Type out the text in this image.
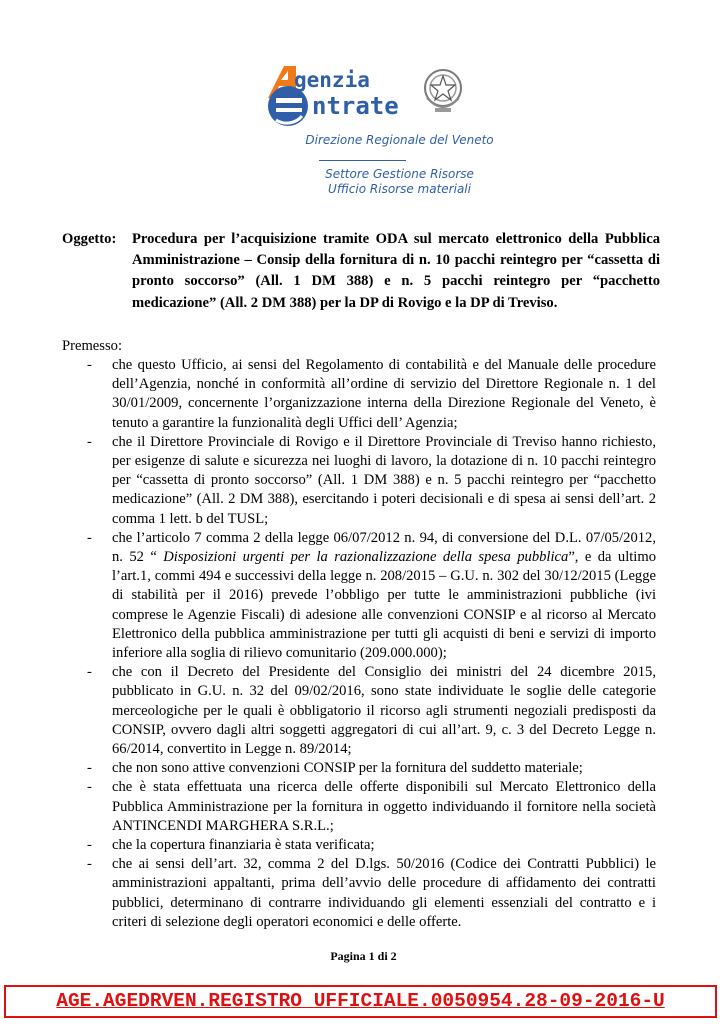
genzia
ntrate
Direzione Regionale del Veneto
Settore Gestione Risorse
Ufficio Risorse materiali
Oggetto: Procedura per l’acquisizione tramite ODA sul mercato elettronico della Pubblica Amministrazione – Consip della fornitura di n. 10 pacchi reintegro per “cassetta di pronto soccorso” (All. 1 DM 388) e n. 5 pacchi reintegro per “pacchetto medicazione” (All. 2 DM 388) per la DP di Rovigo e la DP di Treviso.
Premesso:
- che questo Ufficio, ai sensi del Regolamento di contabilità e del Manuale delle procedure dell’Agenzia, nonché in conformità all’ordine di servizio del Direttore Regionale n. 1 del 30/01/2009, concernente l’organizzazione interna della Direzione Regionale del Veneto, è tenuto a garantire la funzionalità degli Uffici dell’ Agenzia;
- che il Direttore Provinciale di Rovigo e il Direttore Provinciale di Treviso hanno richiesto, per esigenze di salute e sicurezza nei luoghi di lavoro, la dotazione di n. 10 pacchi reintegro per “cassetta di pronto soccorso” (All. 1 DM 388) e n. 5 pacchi reintegro per “pacchetto medicazione” (All. 2 DM 388), esercitando i poteri decisionali e di spesa ai sensi dell’art. 2 comma 1 lett. b del TUSL;
- che l’articolo 7 comma 2 della legge 06/07/2012 n. 94, di conversione del D.L. 07/05/2012, n. 52 “ Disposizioni urgenti per la razionalizzazione della spesa pubblica”, e da ultimo l’art.1, commi 494 e successivi della legge n. 208/2015 – G.U. n. 302 del 30/12/2015 (Legge di stabilità per il 2016) prevede l’obbligo per tutte le amministrazioni pubbliche (ivi comprese le Agenzie Fiscali) di adesione alle convenzioni CONSIP e al ricorso al Mercato Elettronico della pubblica amministrazione per tutti gli acquisti di beni e servizi di importo inferiore alla soglia di rilievo comunitario (209.000.000);
- che con il Decreto del Presidente del Consiglio dei ministri del 24 dicembre 2015, pubblicato in G.U. n. 32 del 09/02/2016, sono state individuate le soglie delle categorie merceologiche per le quali è obbligatorio il ricorso agli strumenti negoziali predisposti da CONSIP, ovvero dagli altri soggetti aggregatori di cui all’art. 9, c. 3 del Decreto Legge n. 66/2014, convertito in Legge n. 89/2014;
- che non sono attive convenzioni CONSIP per la fornitura del suddetto materiale;
- che è stata effettuata una ricerca delle offerte disponibili sul Mercato Elettronico della Pubblica Amministrazione per la fornitura in oggetto individuando il fornitore nella società ANTINCENDI MARGHERA S.R.L.;
- che la copertura finanziaria è stata verificata;
- che ai sensi dell’art. 32, comma 2 del D.lgs. 50/2016 (Codice dei Contratti Pubblici) le amministrazioni appaltanti, prima dell’avvio delle procedure di affidamento dei contratti pubblici, determinano di contrarre individuando gli elementi essenziali del contratto e i criteri di selezione degli operatori economici e delle offerte.
Pagina 1 di 2
AGE.AGEDRVEN.REGISTRO UFFICIALE.0050954.28-09-2016-U
